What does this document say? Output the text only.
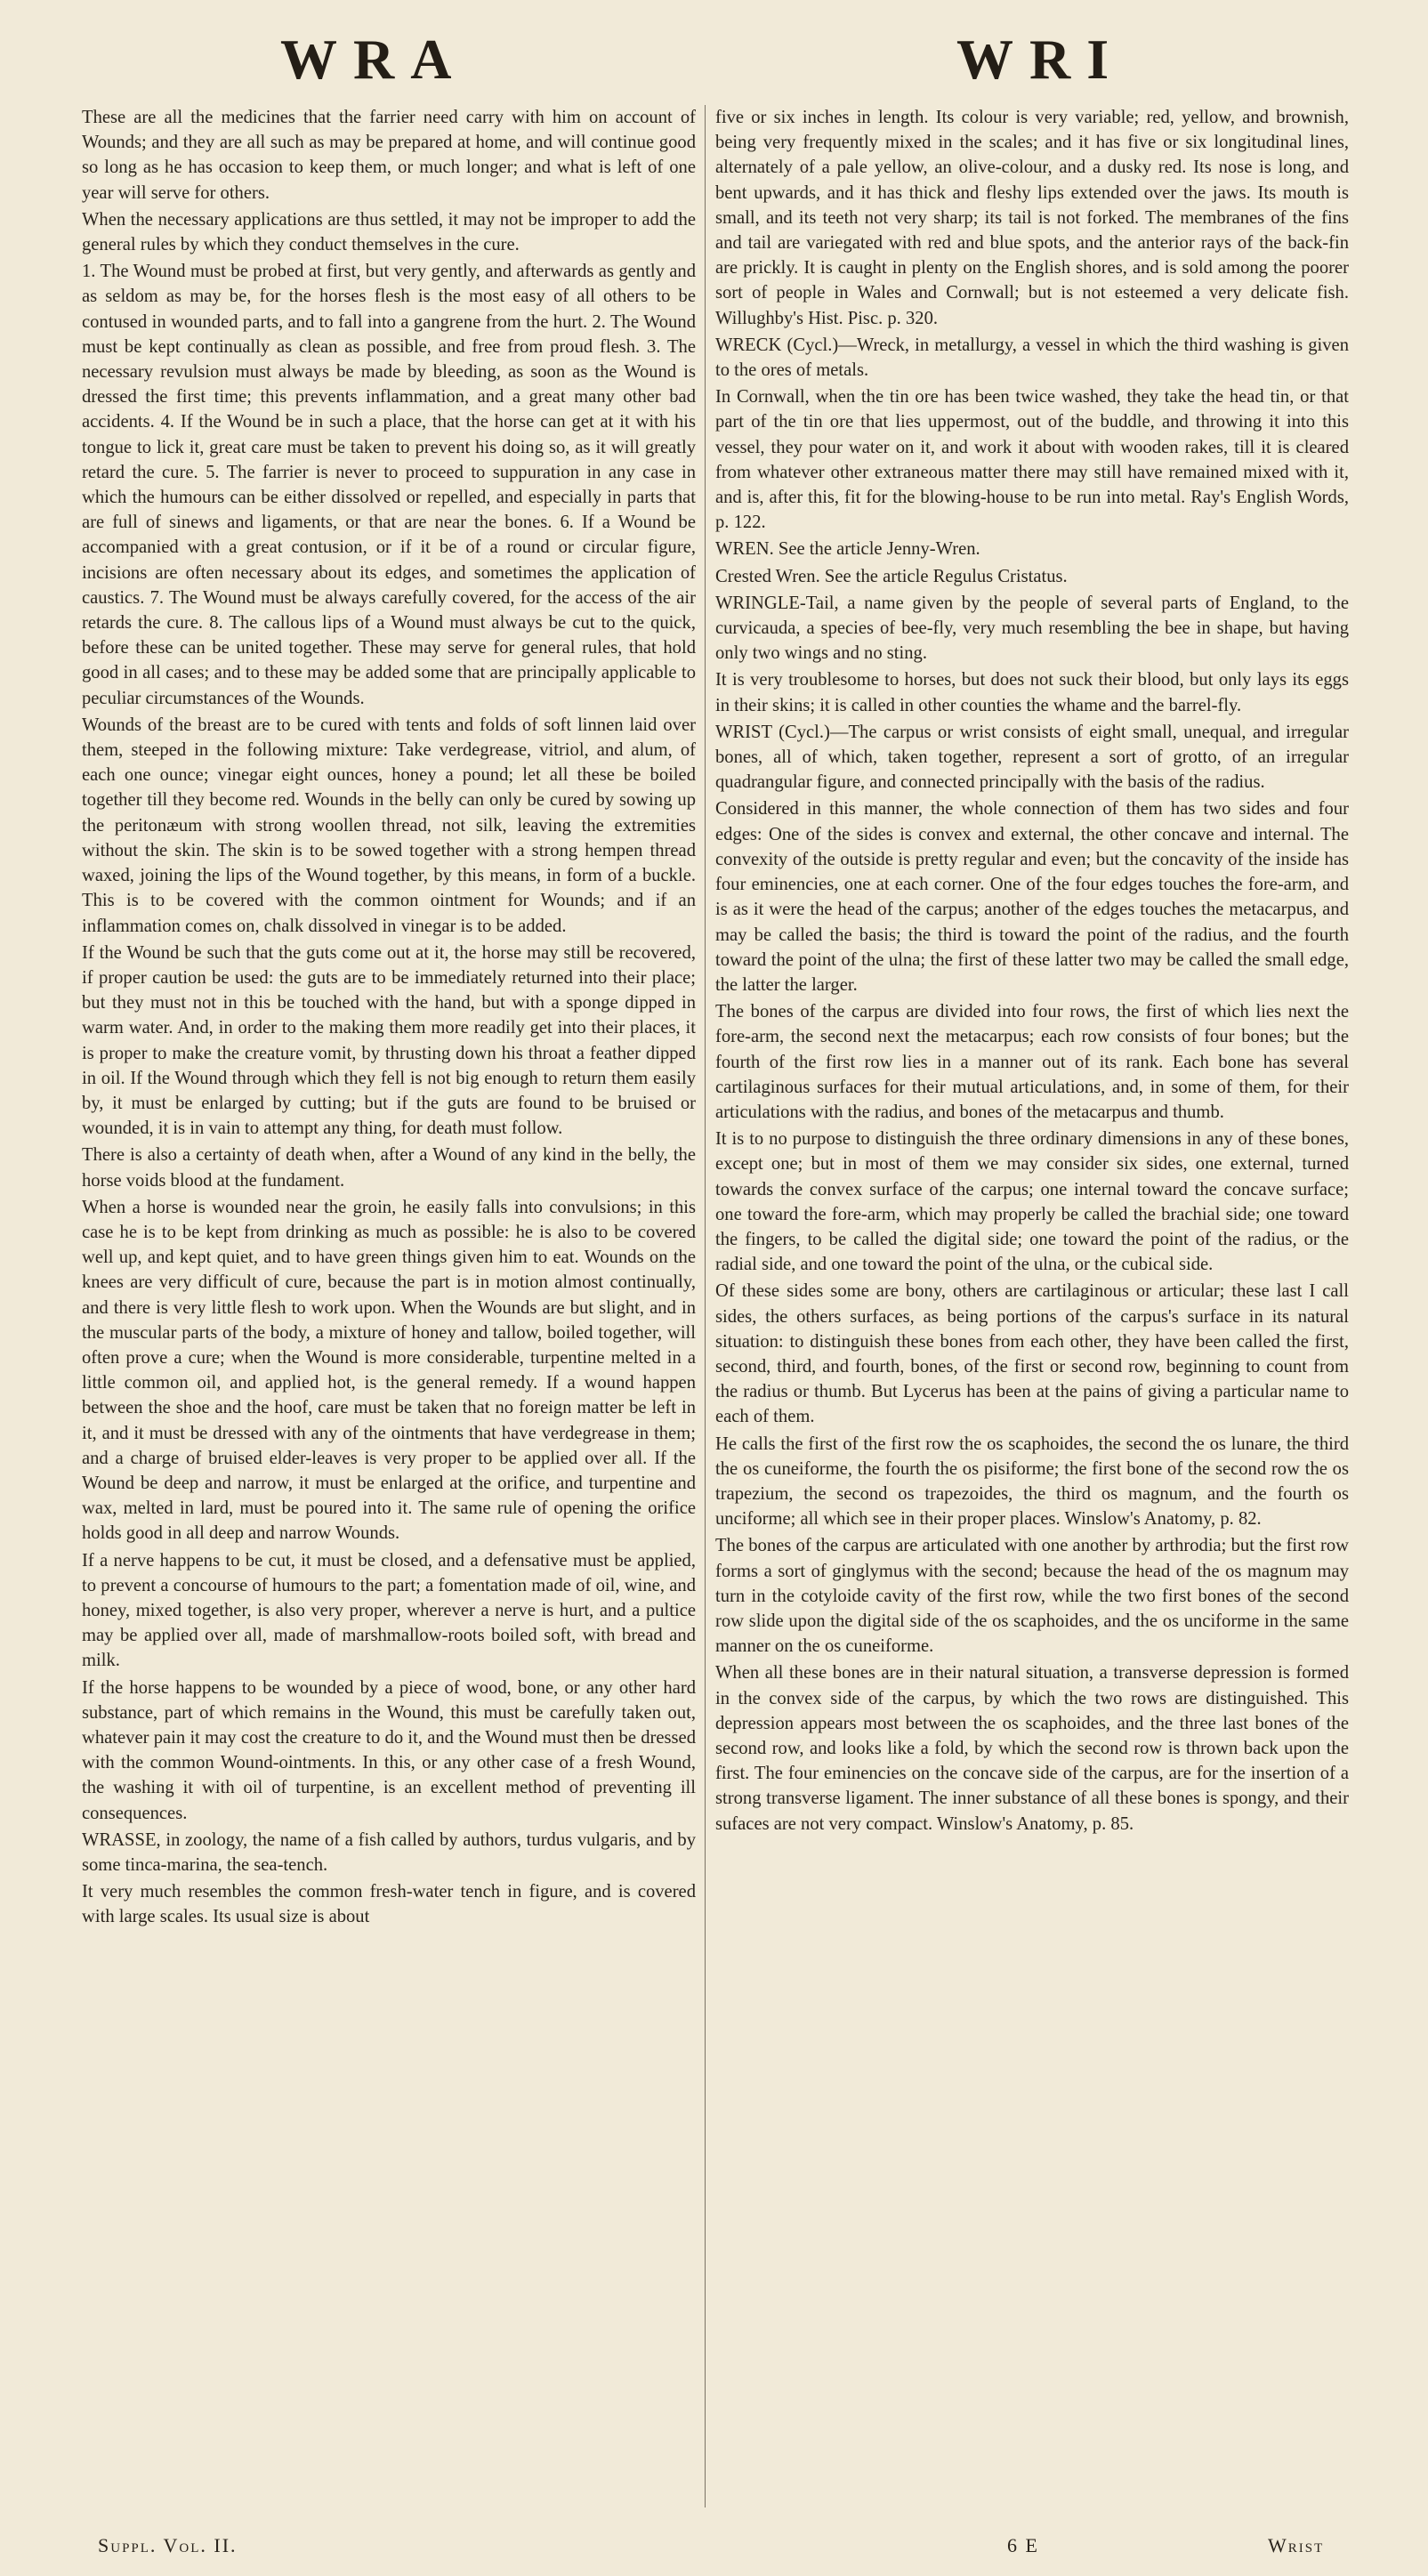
WRA	WRI

These are all the medicines that the farrier need carry with him on account of Wounds; and they are all such as may be prepared at home, and will continue good so long as he has occasion to keep them, or much longer; and what is left of one year will serve for others.

When the necessary applications are thus settled, it may not be improper to add the general rules by which they conduct themselves in the cure.

1. The Wound must be probed at first, but very gently, and afterwards as gently and as seldom as may be, for the horses flesh is the most easy of all others to be contused in wounded parts, and to fall into a gangrene from the hurt. 2. The Wound must be kept continually as clean as possible, and free from proud flesh. 3. The necessary revulsion must always be made by bleeding, as soon as the Wound is dressed the first time; this prevents inflammation, and a great many other bad accidents. 4. If the Wound be in such a place, that the horse can get at it with his tongue to lick it, great care must be taken to prevent his doing so, as it will greatly retard the cure. 5. The farrier is never to proceed to suppuration in any case in which the humours can be either dissolved or repelled, and especially in parts that are full of sinews and ligaments, or that are near the bones. 6. If a Wound be accompanied with a great contusion, or if it be of a round or circular figure, incisions are often necessary about its edges, and sometimes the application of caustics. 7. The Wound must be always carefully covered, for the access of the air retards the cure. 8. The callous lips of a Wound must always be cut to the quick, before these can be united together. These may serve for general rules, that hold good in all cases; and to these may be added some that are principally applicable to peculiar circumstances of the Wounds.

Wounds of the breast are to be cured with tents and folds of soft linnen laid over them, steeped in the following mixture: Take verdegrease, vitriol, and alum, of each one ounce; vinegar eight ounces, honey a pound; let all these be boiled together till they become red. Wounds in the belly can only be cured by sowing up the peritonæum with strong woollen thread, not silk, leaving the extremities without the skin. The skin is to be sowed together with a strong hempen thread waxed, joining the lips of the Wound together, by this means, in form of a buckle. This is to be covered with the common ointment for Wounds; and if an inflammation comes on, chalk dissolved in vinegar is to be added.

If the Wound be such that the guts come out at it, the horse may still be recovered, if proper caution be used: the guts are to be immediately returned into their place; but they must not in this be touched with the hand, but with a sponge dipped in warm water. And, in order to the making them more readily get into their places, it is proper to make the creature vomit, by thrusting down his throat a feather dipped in oil. If the Wound through which they fell is not big enough to return them easily by, it must be enlarged by cutting; but if the guts are found to be bruised or wounded, it is in vain to attempt any thing, for death must follow.

There is also a certainty of death when, after a Wound of any kind in the belly, the horse voids blood at the fundament.

When a horse is wounded near the groin, he easily falls into convulsions; in this case he is to be kept from drinking as much as possible: he is also to be covered well up, and kept quiet, and to have green things given him to eat. Wounds on the knees are very difficult of cure, because the part is in motion almost continually, and there is very little flesh to work upon. When the Wounds are but slight, and in the muscular parts of the body, a mixture of honey and tallow, boiled together, will often prove a cure; when the Wound is more considerable, turpentine melted in a little common oil, and applied hot, is the general remedy. If a wound happen between the shoe and the hoof, care must be taken that no foreign matter be left in it, and it must be dressed with any of the ointments that have verdegrease in them; and a charge of bruised elder-leaves is very proper to be applied over all. If the Wound be deep and narrow, it must be enlarged at the orifice, and turpentine and wax, melted in lard, must be poured into it. The same rule of opening the orifice holds good in all deep and narrow Wounds.

If a nerve happens to be cut, it must be closed, and a defensative must be applied, to prevent a concourse of humours to the part; a fomentation made of oil, wine, and honey, mixed together, is also very proper, wherever a nerve is hurt, and a pultice may be applied over all, made of marshmallow-roots boiled soft, with bread and milk.

If the horse happens to be wounded by a piece of wood, bone, or any other hard substance, part of which remains in the Wound, this must be carefully taken out, whatever pain it may cost the creature to do it, and the Wound must then be dressed with the common Wound-ointments. In this, or any other case of a fresh Wound, the washing it with oil of turpentine, is an excellent method of preventing ill consequences.

WRASSE, in zoology, the name of a fish called by authors, turdus vulgaris, and by some tinca-marina, the sea-tench.

It very much resembles the common fresh-water tench in figure, and is covered with large scales. Its usual size is about

five or six inches in length. Its colour is very variable; red, yellow, and brownish, being very frequently mixed in the scales; and it has five or six longitudinal lines, alternately of a pale yellow, an olive-colour, and a dusky red. Its nose is long, and bent upwards, and it has thick and fleshy lips extended over the jaws. Its mouth is small, and its teeth not very sharp; its tail is not forked. The membranes of the fins and tail are variegated with red and blue spots, and the anterior rays of the back-fin are prickly. It is caught in plenty on the English shores, and is sold among the poorer sort of people in Wales and Cornwall; but is not esteemed a very delicate fish. Willughby's Hist. Pisc. p. 320.

WRECK (Cycl.)—Wreck, in metallurgy, a vessel in which the third washing is given to the ores of metals.

In Cornwall, when the tin ore has been twice washed, they take the head tin, or that part of the tin ore that lies uppermost, out of the buddle, and throwing it into this vessel, they pour water on it, and work it about with wooden rakes, till it is cleared from whatever other extraneous matter there may still have remained mixed with it, and is, after this, fit for the blowing-house to be run into metal. Ray's English Words, p. 122.

WREN. See the article Jenny-Wren.

Crested Wren. See the article Regulus Cristatus.

WRINGLE-Tail, a name given by the people of several parts of England, to the curvicauda, a species of bee-fly, very much resembling the bee in shape, but having only two wings and no sting.

It is very troublesome to horses, but does not suck their blood, but only lays its eggs in their skins; it is called in other counties the whame and the barrel-fly.

WRIST (Cycl.)—The carpus or wrist consists of eight small, unequal, and irregular bones, all of which, taken together, represent a sort of grotto, of an irregular quadrangular figure, and connected principally with the basis of the radius.

Considered in this manner, the whole connection of them has two sides and four edges: One of the sides is convex and external, the other concave and internal. The convexity of the outside is pretty regular and even; but the concavity of the inside has four eminencies, one at each corner. One of the four edges touches the fore-arm, and is as it were the head of the carpus; another of the edges touches the metacarpus, and may be called the basis; the third is toward the point of the radius, and the fourth toward the point of the ulna; the first of these latter two may be called the small edge, the latter the larger.

The bones of the carpus are divided into four rows, the first of which lies next the fore-arm, the second next the metacarpus; each row consists of four bones; but the fourth of the first row lies in a manner out of its rank. Each bone has several cartilaginous surfaces for their mutual articulations, and, in some of them, for their articulations with the radius, and bones of the metacarpus and thumb.

It is to no purpose to distinguish the three ordinary dimensions in any of these bones, except one; but in most of them we may consider six sides, one external, turned towards the convex surface of the carpus; one internal toward the concave surface; one toward the fore-arm, which may properly be called the brachial side; one toward the fingers, to be called the digital side; one toward the point of the radius, or the radial side, and one toward the point of the ulna, or the cubical side.

Of these sides some are bony, others are cartilaginous or articular; these last I call sides, the others surfaces, as being portions of the carpus's surface in its natural situation: to distinguish these bones from each other, they have been called the first, second, third, and fourth, bones, of the first or second row, beginning to count from the radius or thumb. But Lycerus has been at the pains of giving a particular name to each of them.

He calls the first of the first row the os scaphoides, the second the os lunare, the third the os cuneiforme, the fourth the os pisiforme; the first bone of the second row the os trapezium, the second os trapezoides, the third os magnum, and the fourth os unciforme; all which see in their proper places. Winslow's Anatomy, p. 82.

The bones of the carpus are articulated with one another by arthrodia; but the first row forms a sort of ginglymus with the second; because the head of the os magnum may turn in the cotyloide cavity of the first row, while the two first bones of the second row slide upon the digital side of the os scaphoides, and the os unciforme in the same manner on the os cuneiforme.

When all these bones are in their natural situation, a transverse depression is formed in the convex side of the carpus, by which the two rows are distinguished. This depression appears most between the os scaphoides, and the three last bones of the second row, and looks like a fold, by which the second row is thrown back upon the first. The four eminencies on the concave side of the carpus, are for the insertion of a strong transverse ligament. The inner substance of all these bones is spongy, and their sufaces are not very compact. Winslow's Anatomy, p. 85.

Suppl. Vol. II.	6 E	Wrist
